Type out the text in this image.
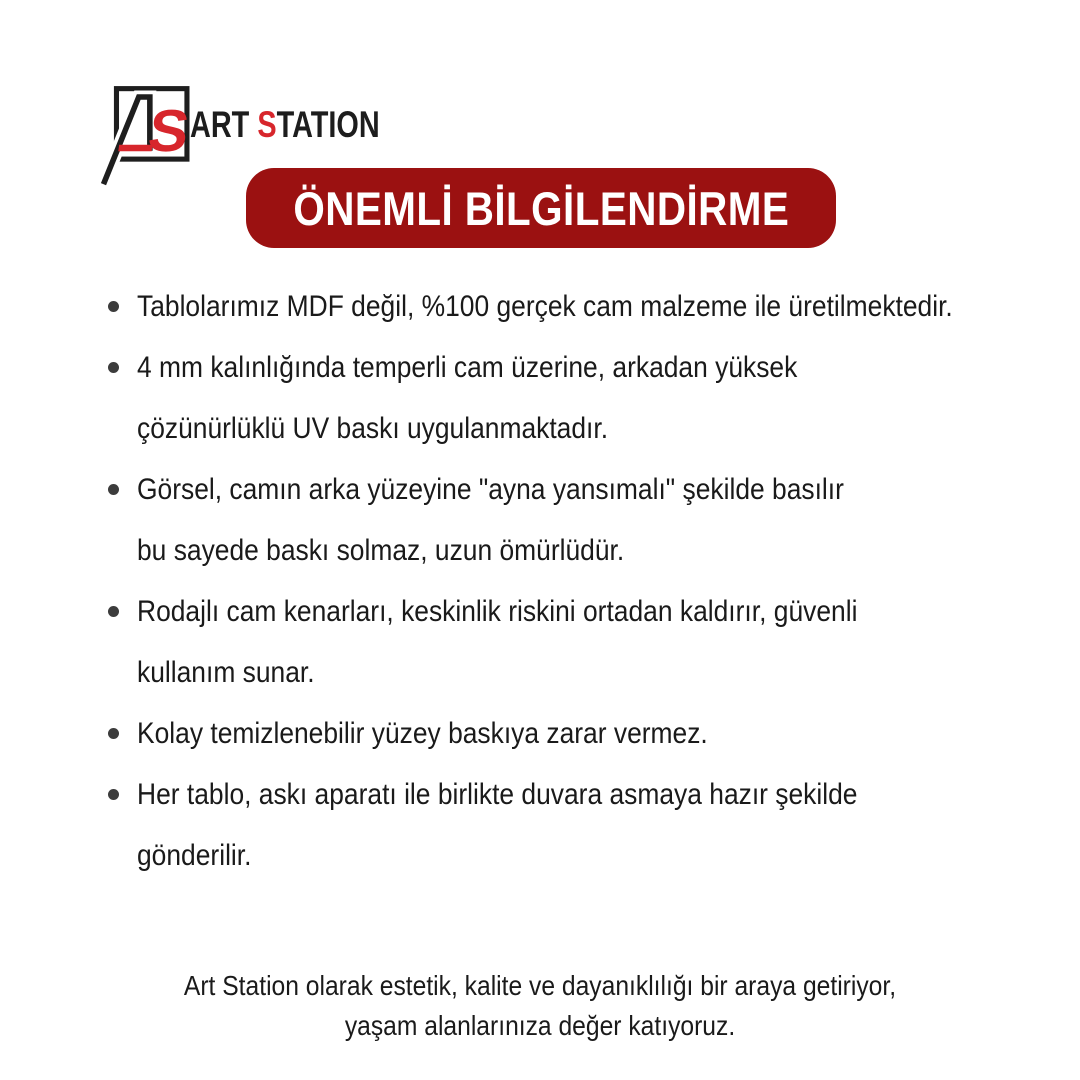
S
ART STATION
ÖNEMLİ BİLGİLENDİRME
Tablolarımız MDF değil, %100 gerçek cam malzeme ile üretilmektedir.
4 mm kalınlığında temperli cam üzerine, arkadan yüksek
çözünürlüklü UV baskı uygulanmaktadır.
Görsel, camın arka yüzeyine "ayna yansımalı" şekilde basılır
bu sayede baskı solmaz, uzun ömürlüdür.
Rodajlı cam kenarları, keskinlik riskini ortadan kaldırır, güvenli
kullanım sunar.
Kolay temizlenebilir yüzey baskıya zarar vermez.
Her tablo, askı aparatı ile birlikte duvara asmaya hazır şekilde
gönderilir.
Art Station olarak estetik, kalite ve dayanıklılığı bir araya getiriyor,
yaşam alanlarınıza değer katıyoruz.
